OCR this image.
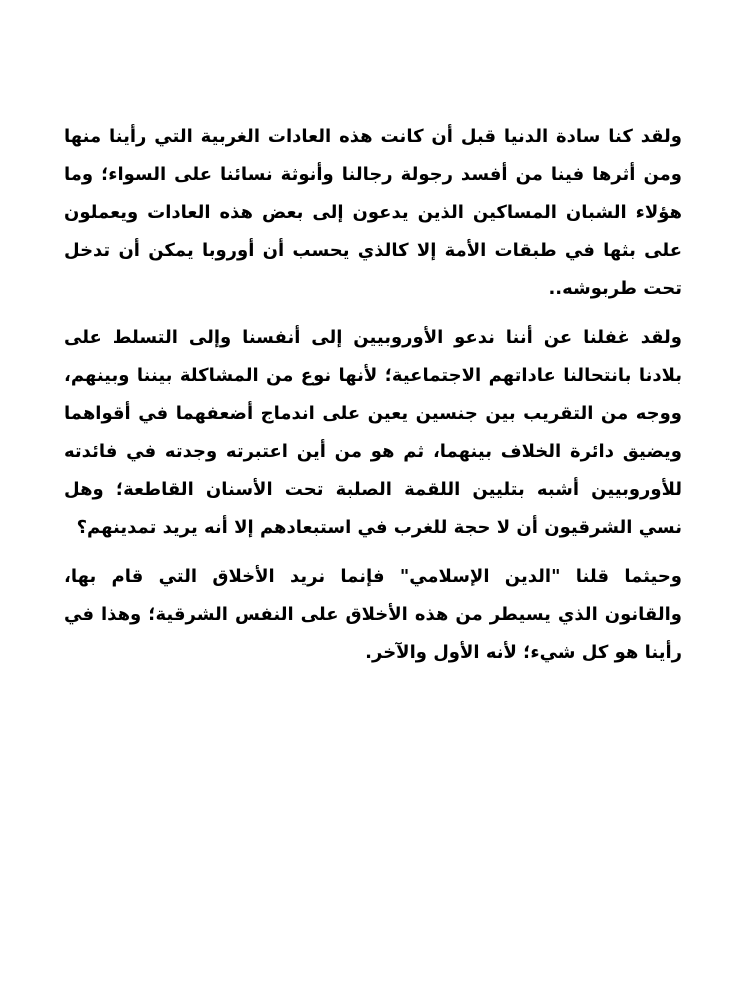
ولقد كنا سادة الدنيا قبل أن كانت هذه العادات الغربية التي رأينا منها ومن أثرها فينا من أفسد رجولة رجالنا وأنوثة نسائنا على السواء؛ وما هؤلاء الشبان المساكين الذين يدعون إلى بعض هذه العادات ويعملون على بثها في طبقات الأمة إلا كالذي يحسب أن أوروبا يمكن أن تدخل تحت طربوشه..

ولقد غفلنا عن أننا ندعو الأوروبيين إلى أنفسنا وإلى التسلط على بلادنا بانتحالنا عاداتهم الاجتماعية؛ لأنها نوع من المشاكلة بيننا وبينهم، ووجه من التقريب بين جنسين يعين على اندماج أضعفهما في أقواهما ويضيق دائرة الخلاف بينهما، ثم هو من أين اعتبرته وجدته في فائدته للأوروبيين أشبه بتليين اللقمة الصلبة تحت الأسنان القاطعة؛ وهل نسي الشرقيون أن لا حجة للغرب في استبعادهم إلا أنه يريد تمدينهم؟

وحيثما قلنا "الدين الإسلامي" فإنما نريد الأخلاق التي قام بها، والقانون الذي يسيطر من هذه الأخلاق على النفس الشرقية؛ وهذا في رأينا هو كل شيء؛ لأنه الأول والآخر.
